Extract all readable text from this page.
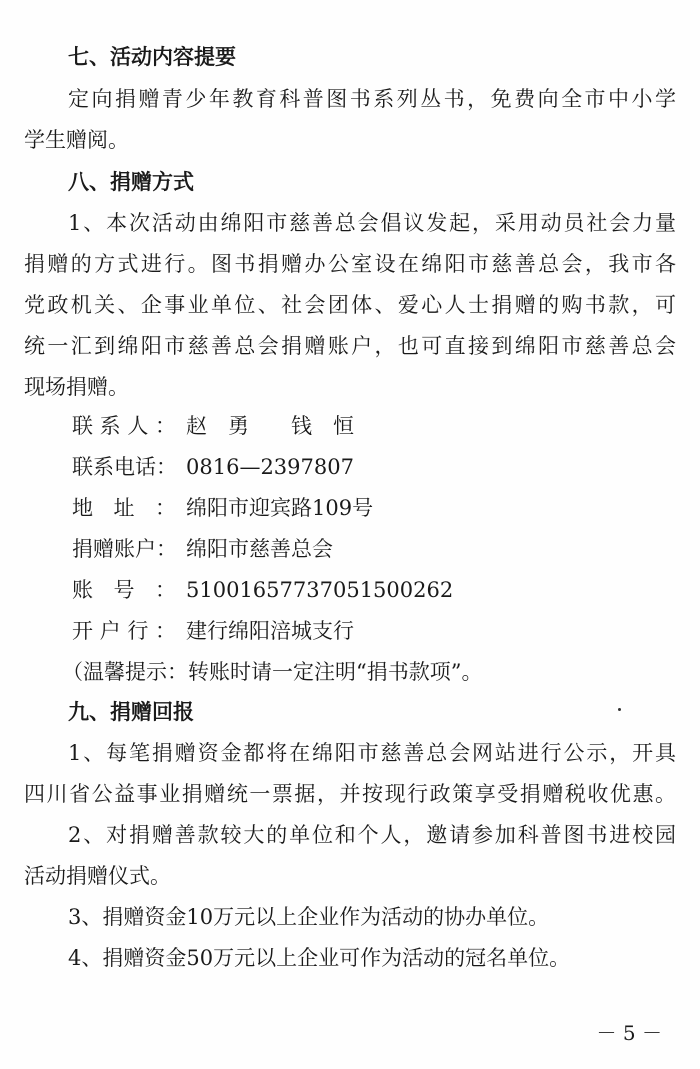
七、活动内容提要
定向捐赠青少年教育科普图书系列丛书，免费向全市中小学
学生赠阅。
八、捐赠方式
1、本次活动由绵阳市慈善总会倡议发起，采用动员社会力量
捐赠的方式进行。图书捐赠办公室设在绵阳市慈善总会，我市各
党政机关、企事业单位、社会团体、爱心人士捐赠的购书款，可
统一汇到绵阳市慈善总会捐赠账户，也可直接到绵阳市慈善总会
现场捐赠。
联系人： 赵　勇　　钱　恒
联系电话： 0816—2397807
地址： 绵阳市迎宾路109号
捐赠账户： 绵阳市慈善总会
账号： 510016577370515002​62
开户行： 建行绵阳涪城支行
（温馨提示：转账时请一定注明“捐书款项”。
九、捐赠回报
1、每笔捐赠资金都将在绵阳市慈善总会网站进行公示，开具
四川省公益事业捐赠统一票据，并按现行政策享受捐赠税收优惠。
2、对捐赠善款较大的单位和个人，邀请参加科普图书进校园
活动捐赠仪式。
3、捐赠资金10万元以上企业作为活动的协办单位。
4、捐赠资金50万元以上企业可作为活动的冠名单位。
－ 5 －
